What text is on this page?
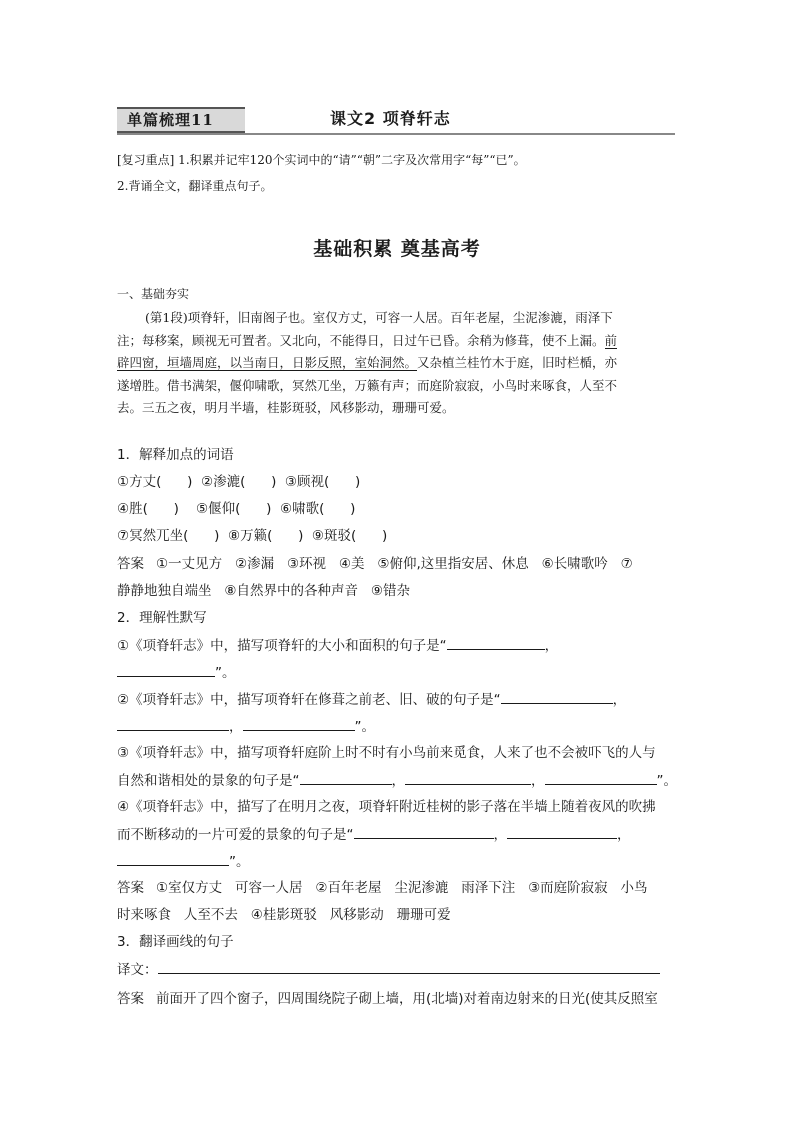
单篇梳理11	课文2 项脊轩志
[复习重点] 1.积累并记牢120个实词中的“请”“朝”二字及次常用字“每”“已”。
2.背诵全文，翻译重点句子。
基础积累 奠基高考
一、基础夯实

(第1段)项脊轩，旧南阁子也。室仅方丈，可容一人居。百年老屋，尘泥渗漉，雨泽下

注；每移案，顾视无可置者。又北向，不能得日，日过午已昏。余稍为修葺，使不上漏。前

辟四窗，垣墙周庭，以当南日，日影反照，室始洞然。又杂植兰桂竹木于庭，旧时栏楯，亦

遂增胜。借书满架，偃仰啸歌，冥然兀坐，万籁有声；而庭阶寂寂，小鸟时来啄食，人至不

去。三五之夜，明月半墙，桂影斑驳，风移影动，珊珊可爱。

1．解释加点的词语
①方丈(      )  ②渗漉(      )  ③顾视(      )
④胜(      )    ⑤偃仰(      )  ⑥啸歌(      )
⑦冥然兀坐(      )  ⑧万籁(      )  ⑨斑驳(      )
答案 ①一丈见方   ②渗漏   ③环视   ④美   ⑤俯仰,这里指安居、休息   ⑥长啸歌吟   ⑦
静静地独自端坐   ⑧自然界中的各种声音   ⑨错杂
2．理解性默写
①《项脊轩志》中，描写项脊轩的大小和面积的句子是“	，
”。
②《项脊轩志》中，描写项脊轩在修葺之前老、旧、破的句子是“	，
，	”。
③《项脊轩志》中，描写项脊轩庭阶上时不时有小鸟前来觅食，人来了也不会被吓飞的人与
自然和谐相处的景象的句子是“	，	，	”。
④《项脊轩志》中，描写了在明月之夜，项脊轩附近桂树的影子落在半墙上随着夜风的吹拂
而不断移动的一片可爱的景象的句子是“	，	，
”。
答案 ①室仅方丈   可容一人居   ②百年老屋   尘泥渗漉   雨泽下注   ③而庭阶寂寂   小鸟
时来啄食   人至不去   ④桂影斑驳   风移影动   珊珊可爱
3．翻译画线的句子
译文：
答案 前面开了四个窗子，四周围绕院子砌上墙，用(北墙)对着南边射来的日光(使其反照室
